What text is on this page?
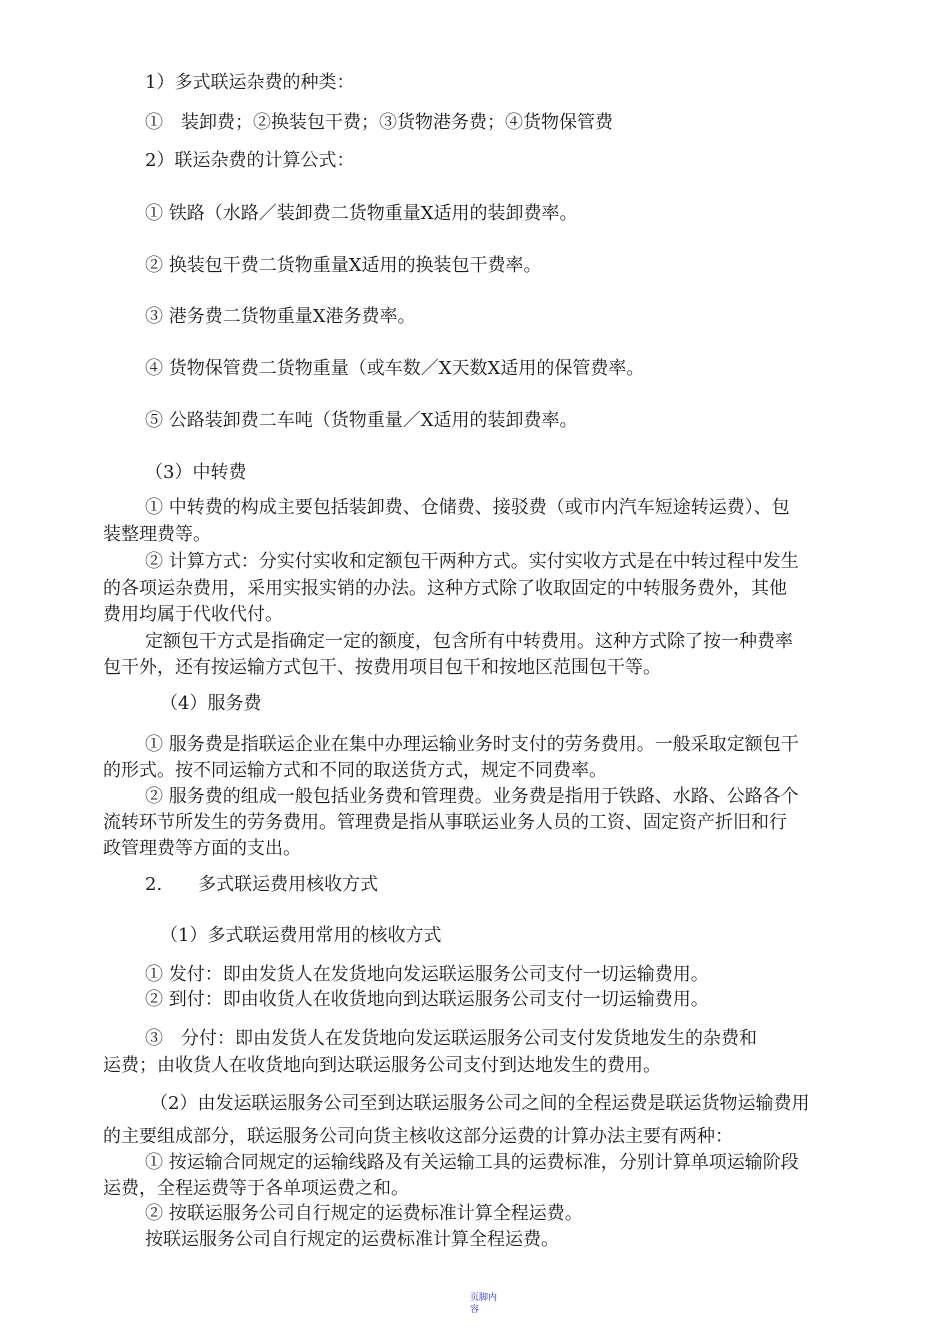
1）多式联运杂费的种类：
①　装卸费；②换装包干费；③货物港务费；④货物保管费
2）联运杂费的计算公式：
① 铁路（水路／装卸费二货物重量X适用的装卸费率。
② 换装包干费二货物重量X适用的换装包干费率。
③ 港务费二货物重量X港务费率。
④ 货物保管费二货物重量（或车数／X天数X适用的保管费率。
⑤ 公路装卸费二车吨（货物重量／X适用的装卸费率。
（3）中转费
① 中转费的构成主要包括装卸费、仓储费、接驳费（或市内汽车短途转运费）、包
装整理费等。
② 计算方式：分实付实收和定额包干两种方式。实付实收方式是在中转过程中发生
的各项运杂费用，采用实报实销的办法。这种方式除了收取固定的中转服务费外，其他
费用均属于代收代付。
定额包干方式是指确定一定的额度，包含所有中转费用。这种方式除了按一种费率
包干外，还有按运输方式包干、按费用项目包干和按地区范围包干等。
（4）服务费
① 服务费是指联运企业在集中办理运输业务时支付的劳务费用。一般采取定额包干
的形式。按不同运输方式和不同的取送货方式，规定不同费率。
② 服务费的组成一般包括业务费和管理费。业务费是指用于铁路、水路、公路各个
流转环节所发生的劳务费用。管理费是指从事联运业务人员的工资、固定资产折旧和行
政管理费等方面的支出。
2.　　多式联运费用核收方式
（1）多式联运费用常用的核收方式
① 发付：即由发货人在发货地向发运联运服务公司支付一切运输费用。
② 到付：即由收货人在收货地向到达联运服务公司支付一切运输费用。
③　分付：即由发货人在发货地向发运联运服务公司支付发货地发生的杂费和
运费；由收货人在收货地向到达联运服务公司支付到达地发生的费用。
（2）由发运联运服务公司至到达联运服务公司之间的全程运费是联运货物运输费用
的主要组成部分，联运服务公司向货主核收这部分运费的计算办法主要有两种：
① 按运输合同规定的运输线路及有关运输工具的运费标准，分别计算单项运输阶段
运费，全程运费等于各单项运费之和。
② 按联运服务公司自行规定的运费标准计算全程运费。
按联运服务公司自行规定的运费标准计算全程运费。
页脚内
容
